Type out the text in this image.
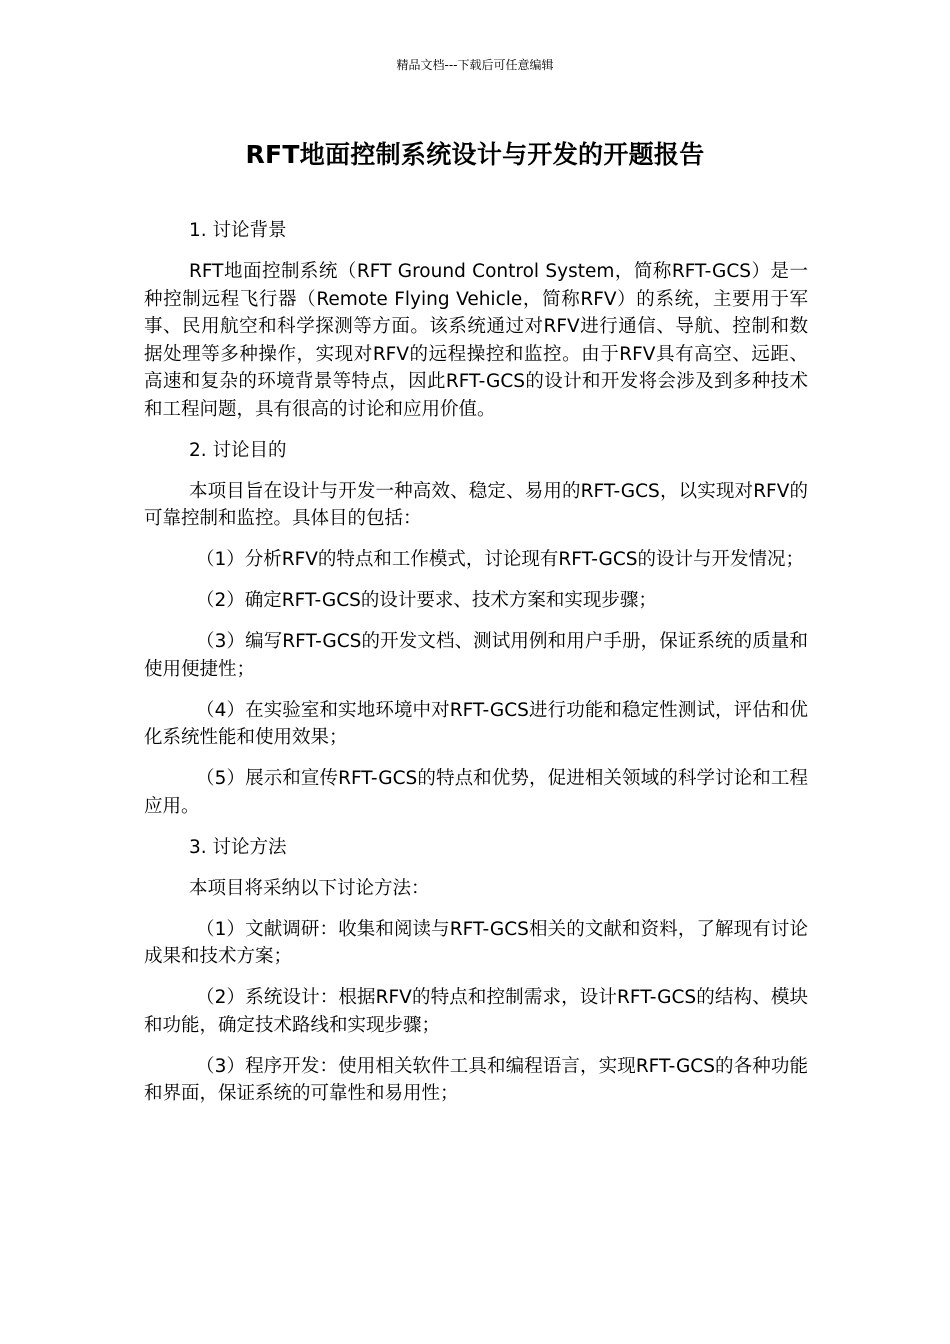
精品文档---下载后可任意编辑
RFT地面控制系统设计与开发的开题报告

1. 讨论背景

RFT地面控制系统（RFT Ground Control System，简称RFT-GCS）是一种控制远程飞行器（Remote Flying Vehicle，简称RFV）的系统，主要用于军事、民用航空和科学探测等方面。该系统通过对RFV进行通信、导航、控制和数据处理等多种操作，实现对RFV的远程操控和监控。由于RFV具有高空、远距、高速和复杂的环境背景等特点，因此RFT-GCS的设计和开发将会涉及到多种技术和工程问题，具有很高的讨论和应用价值。

2. 讨论目的

本项目旨在设计与开发一种高效、稳定、易用的RFT-GCS，以实现对RFV的可靠控制和监控。具体目的包括：

（1）分析RFV的特点和工作模式，讨论现有RFT-GCS的设计与开发情况；

（2）确定RFT-GCS的设计要求、技术方案和实现步骤；

（3）编写RFT-GCS的开发文档、测试用例和用户手册，保证系统的质量和使用便捷性；

（4）在实验室和实地环境中对RFT-GCS进行功能和稳定性测试，评估和优化系统性能和使用效果；

（5）展示和宣传RFT-GCS的特点和优势，促进相关领域的科学讨论和工程应用。

3. 讨论方法

本项目将采纳以下讨论方法：

（1）文献调研：收集和阅读与RFT-GCS相关的文献和资料，了解现有讨论成果和技术方案；

（2）系统设计：根据RFV的特点和控制需求，设计RFT-GCS的结构、模块和功能，确定技术路线和实现步骤；

（3）程序开发：使用相关软件工具和编程语言，实现RFT-GCS的各种功能和界面，保证系统的可靠性和易用性；
